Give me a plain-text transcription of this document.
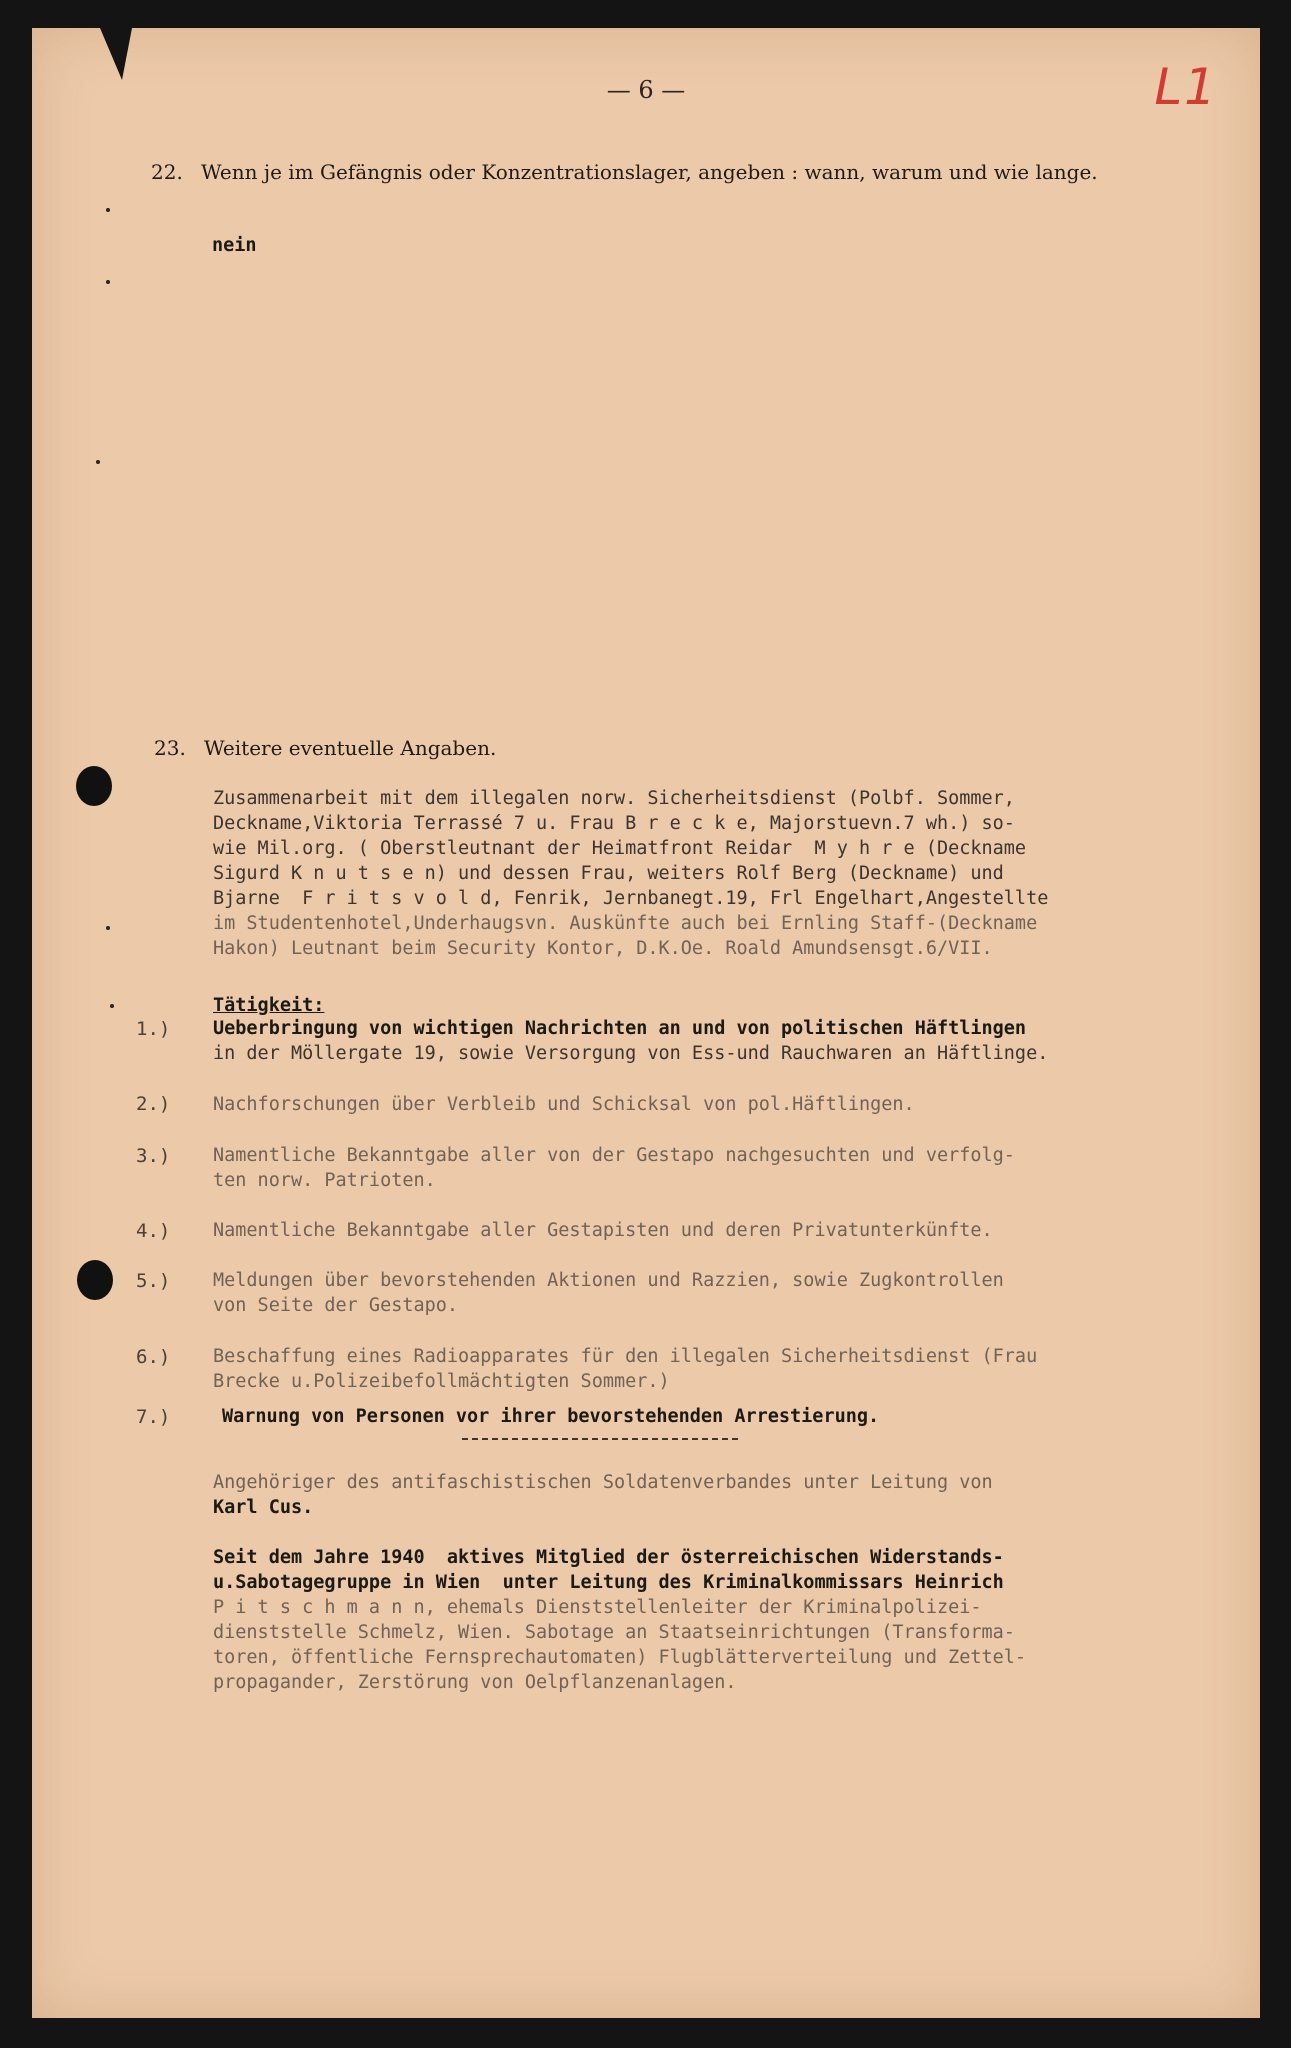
— 6 —	L1
22. Wenn je im Gefängnis oder Konzentrationslager, angeben : wann, warum und wie lange.
nein
23. Weitere eventuelle Angaben.
Zusammenarbeit mit dem illegalen norw. Sicherheitsdienst (Polbf. Sommer,
Deckname,Viktoria Terrassé 7 u. Frau B r e c k e, Majorstuevn.7 wh.) so-
wie Mil.org. ( Oberstleutnant der Heimatfront Reidar  M y h r e (Deckname
Sigurd K n u t s e n) und dessen Frau, weiters Rolf Berg (Deckname) und
Bjarne  F r i t s v o l d, Fenrik, Jernbanegt.19, Frl Engelhart,Angestellte
im Studentenhotel,Underhaugsvn. Auskünfte auch bei Ernling Staff-(Deckname
Hakon) Leutnant beim Security Kontor, D.K.Oe. Roald Amundsensgt.6/VII.
Tätigkeit:
1.) Ueberbringung von wichtigen Nachrichten an und von politischen Häftlingen
in der Möllergate 19, sowie Versorgung von Ess-und Rauchwaren an Häftlinge.
2.) Nachforschungen über Verbleib und Schicksal von pol.Häftlingen.
3.) Namentliche Bekanntgabe aller von der Gestapo nachgesuchten und verfolg-
ten norw. Patrioten.
4.) Namentliche Bekanntgabe aller Gestapisten und deren Privatunterkünfte.
5.) Meldungen über bevorstehenden Aktionen und Razzien, sowie Zugkontrollen
von Seite der Gestapo.
6.) Beschaffung eines Radioapparates für den illegalen Sicherheitsdienst (Frau
Brecke u.Polizeibefollmächtigten Sommer.)
7.)	Warnung von Personen vor ihrer bevorstehenden Arrestierung.
Angehöriger des antifaschistischen Soldatenverbandes unter Leitung von
Karl Cus.
Seit dem Jahre 1940  aktives Mitglied der österreichischen Widerstands-
u.Sabotagegruppe in Wien  unter Leitung des Kriminalkommissars Heinrich
P i t s c h m a n n, ehemals Dienststellenleiter der Kriminalpolizei-
dienststelle Schmelz, Wien. Sabotage an Staatseinrichtungen (Transforma-
toren, öffentliche Fernsprechautomaten) Flugblätterverteilung und Zettel-
propagander, Zerstörung von Oelpflanzenanlagen.
